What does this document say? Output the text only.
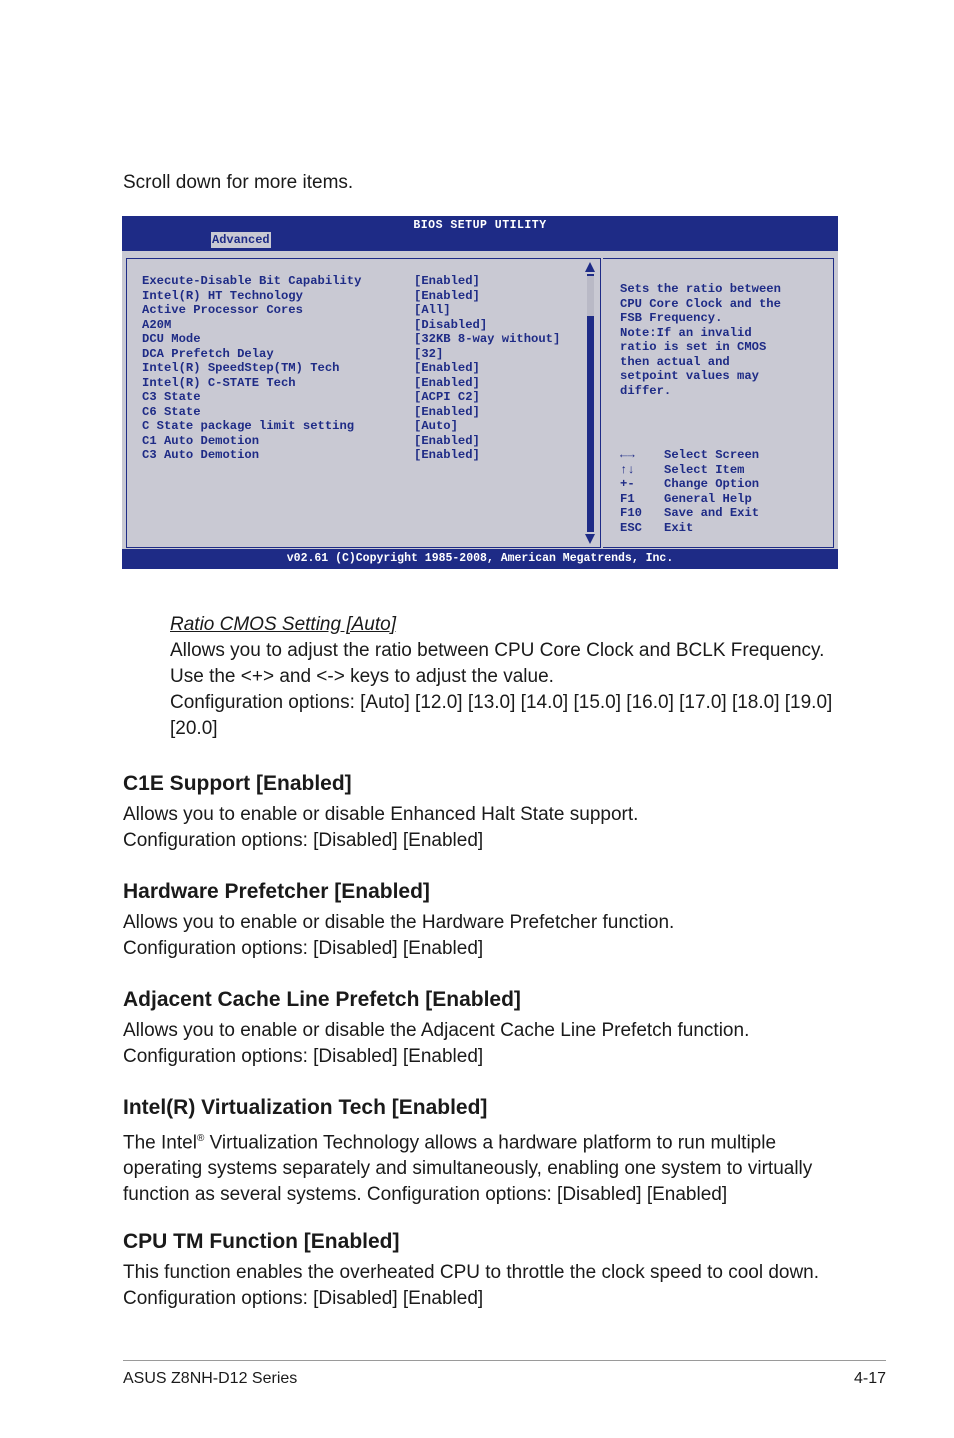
Scroll down for more items.
BIOS SETUP UTILITY
Advanced
Execute-Disable Bit Capability	[Enabled]
Intel(R) HT Technology	[Enabled]
Active Processor Cores	[All]
A20M	[Disabled]
DCU Mode	[32KB 8-way without]
DCA Prefetch Delay	[32]
Intel(R) SpeedStep(TM) Tech	[Enabled]
Intel(R) C-STATE Tech	[Enabled]
C3 State	[ACPI C2]
C6 State	[Enabled]
C State package limit setting	[Auto]
C1 Auto Demotion	[Enabled]
C3 Auto Demotion	[Enabled]
Sets the ratio between
CPU Core Clock and the
FSB Frequency.
Note:If an invalid
ratio is set in CMOS
then actual and
setpoint values may
differ.
←→ Select Screen
↑↓ Select Item
+- Change Option
F1 General Help
F10 Save and Exit
ESC Exit
v02.61 (C)Copyright 1985-2008, American Megatrends, Inc.
Ratio CMOS Setting [Auto]
Allows you to adjust the ratio between CPU Core Clock and BCLK Frequency.
Use the <+> and <-> keys to adjust the value.
Configuration options: [Auto] [12.0] [13.0] [14.0] [15.0] [16.0] [17.0] [18.0] [19.0] [20.0]
C1E Support [Enabled]

Allows you to enable or disable Enhanced Halt State support.
Configuration options: [Disabled] [Enabled]

Hardware Prefetcher [Enabled]

Allows you to enable or disable the Hardware Prefetcher function.
Configuration options: [Disabled] [Enabled]

Adjacent Cache Line Prefetch [Enabled]

Allows you to enable or disable the Adjacent Cache Line Prefetch function.
Configuration options: [Disabled] [Enabled]

Intel(R) Virtualization Tech [Enabled]

The Intel® Virtualization Technology allows a hardware platform to run multiple operating systems separately and simultaneously, enabling one system to virtually function as several systems. Configuration options: [Disabled] [Enabled]

CPU TM Function [Enabled]

This function enables the overheated CPU to throttle the clock speed to cool down.
Configuration options: [Disabled] [Enabled]

ASUS Z8NH-D12 Series	4-17
